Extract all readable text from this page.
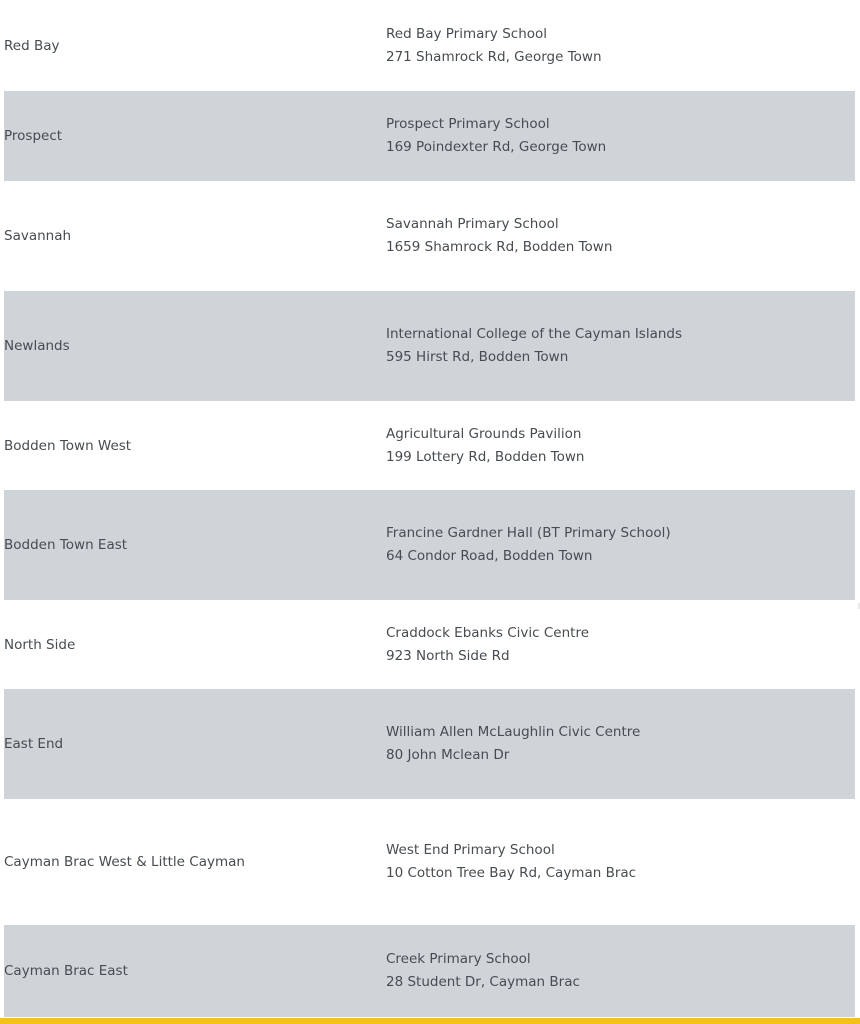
Red Bay
Red Bay Primary School
271 Shamrock Rd, George Town
Prospect
Prospect Primary School
169 Poindexter Rd, George Town
Savannah
Savannah Primary School
1659 Shamrock Rd, Bodden Town
Newlands
International College of the Cayman Islands
595 Hirst Rd, Bodden Town
Bodden Town West
Agricultural Grounds Pavilion
199 Lottery Rd, Bodden Town
Bodden Town East
Francine Gardner Hall (BT Primary School)
64 Condor Road, Bodden Town
North Side
Craddock Ebanks Civic Centre
923 North Side Rd
East End
William Allen McLaughlin Civic Centre
80 John Mclean Dr
Cayman Brac West & Little Cayman
West End Primary School
10 Cotton Tree Bay Rd, Cayman Brac
Cayman Brac East
Creek Primary School
28 Student Dr, Cayman Brac
